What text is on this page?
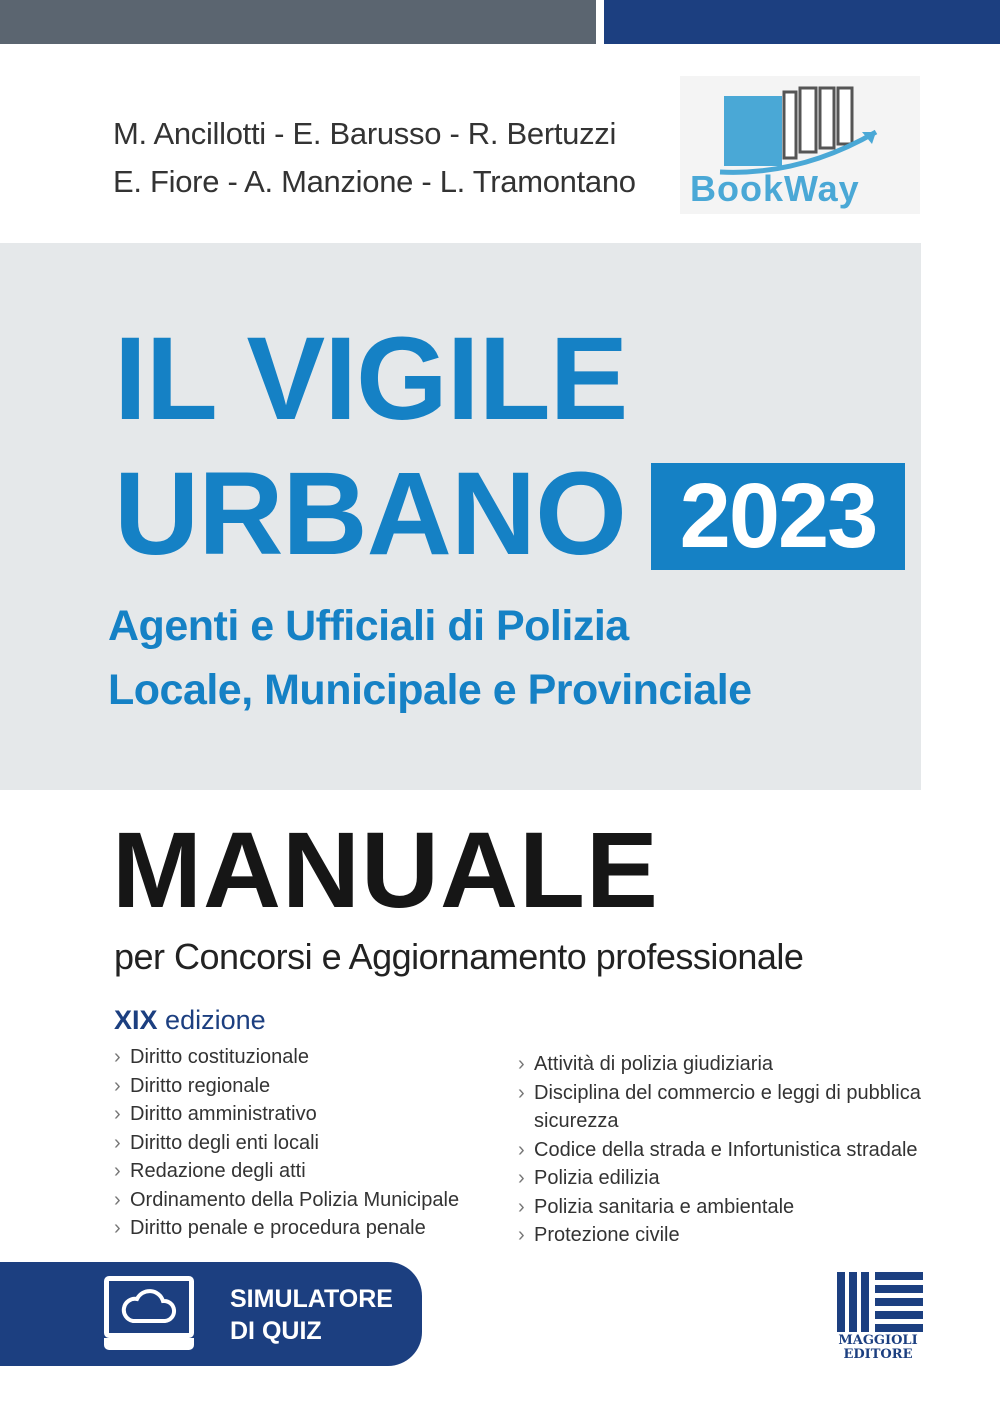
M. Ancillotti - E. Barusso - R. Bertuzzi
E. Fiore - A. Manzione - L. Tramontano BookWay
IL VIGILE
URBANO 2023
Agenti e Ufficiali di Polizia
Locale, Municipale e Provinciale
MANUALE
per Concorsi e Aggiornamento professionale
XIX edizione
› Diritto costituzionale
› Diritto regionale
› Diritto amministrativo
› Diritto degli enti locali
› Redazione degli atti
› Ordinamento della Polizia Municipale
› Diritto penale e procedura penale
› Attività di polizia giudiziaria
› Disciplina del commercio e leggi di pubblica
sicurezza
› Codice della strada e Infortunistica stradale
› Polizia edilizia
› Polizia sanitaria e ambientale
› Protezione civile
SIMULATORE
DI QUIZ	MAGGIOLI
EDITORE
